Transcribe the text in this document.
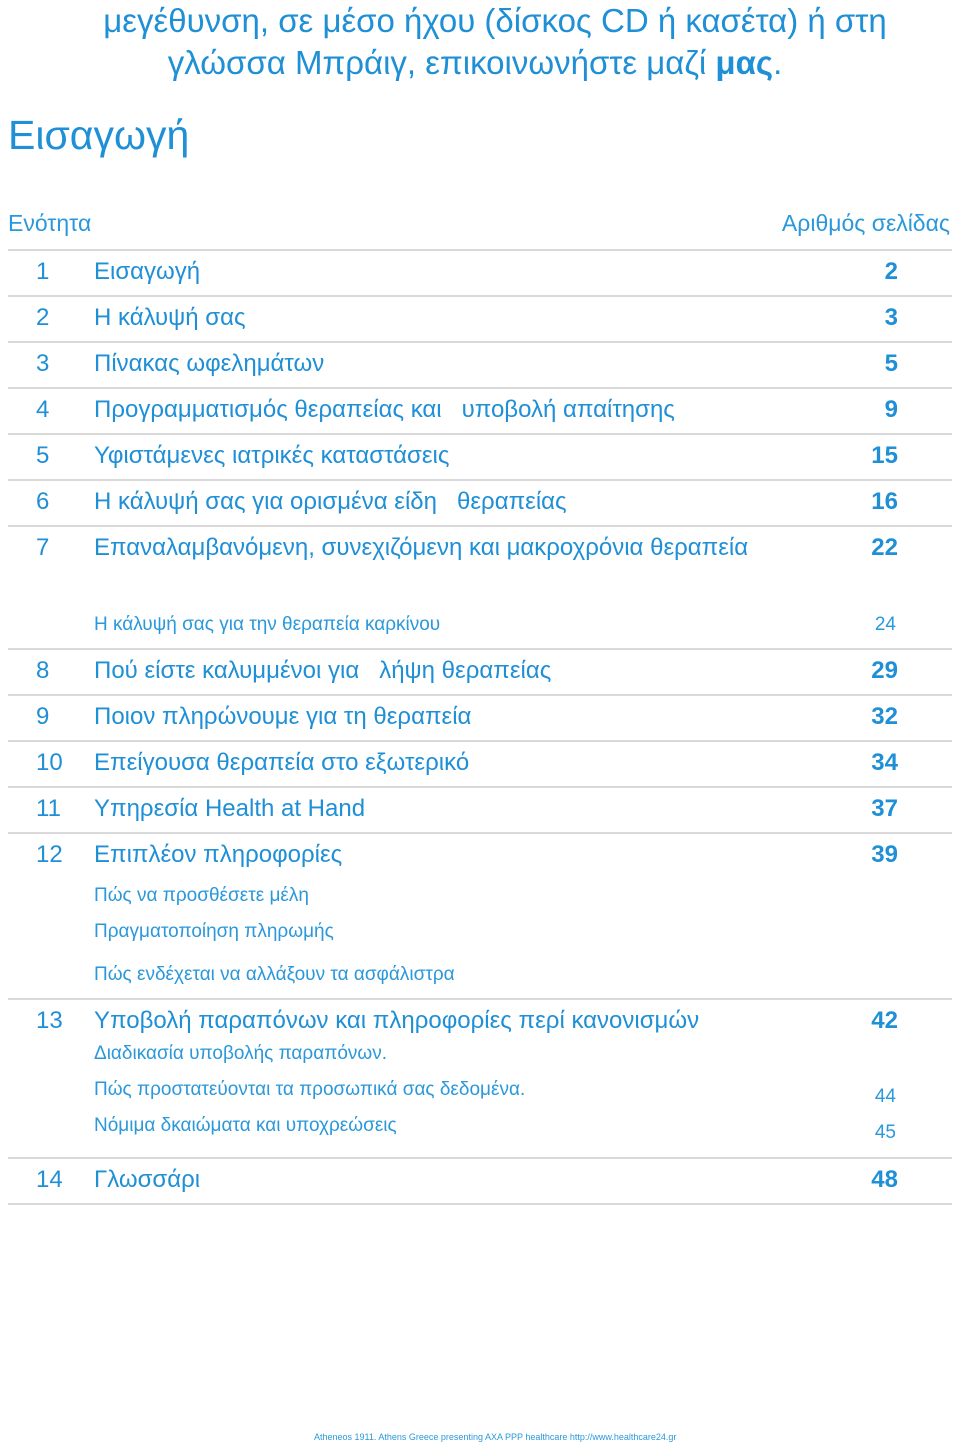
μεγέθυνση, σε μέσο ήχου (δίσκος CD ή κασέτα) ή στη
γλώσσα Μπράιγ, επικοινωνήστε μαζί μας.
Εισαγωγή
Ενότητα	Αριθμός σελίδας
1 Εισαγωγή	2
2 Η κάλυψή σας	3
3 Πίνακας ωφελημάτων	5
4 Προγραμματισμός θεραπείας και   υποβολή απαίτησης	9
5 Υφιστάμενες ιατρικές καταστάσεις	15
6 Η κάλυψή σας για ορισμένα είδη   θεραπείας	16
7 Επαναλαμβανόμενη, συνεχιζόμενη και μακροχρόνια θεραπεία	22
Η κάλυψή σας για την θεραπεία καρκίνου	24
8 Πού είστε καλυμμένοι για   λήψη θεραπείας	29
9 Ποιον πληρώνουμε για τη θεραπεία	32
10 Επείγουσα θεραπεία στο εξωτερικό	34
11 Υπηρεσία Health at Hand	37
12 Επιπλέον πληροφορίες	39
Πώς να προσθέσετε μέλη
Πραγματοποίηση πληρωμής
Πώς ενδέχεται να αλλάξουν τα ασφάλιστρα
13 Υποβολή παραπόνων και πληροφορίες περί κανονισμών	42
Διαδικασία υποβολής παραπόνων.
Πώς προστατεύονται τα προσωπικά σας δεδομένα.	44
Νόμιμα δκαιώματα και υποχρεώσεις	45
14 Γλωσσάρι	48
Atheneos 1911. Athens Greece presenting AXA PPP healthcare http://www.healthcare24.gr
